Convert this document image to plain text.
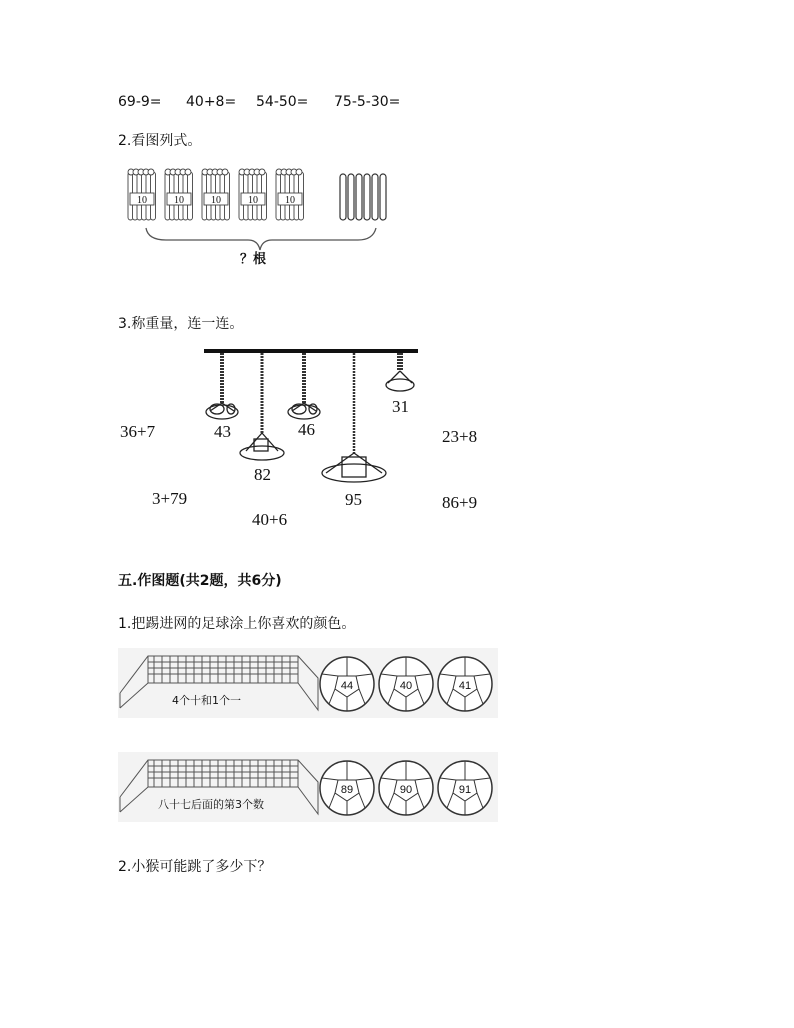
69-9= 40+8= 54-50= 75-5-30=
2.看图列式。
10	10	10	10	10
？根
3.称重量，连一连。
43	46
31
82
95
36+7	23+8
3+79	86+9
40+6
五.作图题(共2题，共6分)
1.把踢进网的足球涂上你喜欢的颜色。
44	40	41
4个十和1个一
89	90	91
八十七后面的第3个数
2.小猴可能跳了多少下？
